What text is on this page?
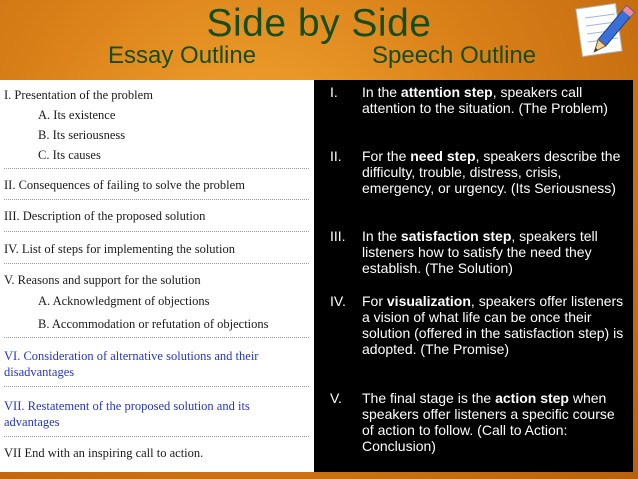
Side by Side
Essay Outline	Speech Outline
I. Presentation of the problem
A. Its existence
B. Its seriousness
C. Its causes
II. Consequences of failing to solve the problem
III. Description of the proposed solution
IV. List of steps for implementing the solution
V. Reasons and support for the solution
A. Acknowledgment of objections
B. Accommodation or refutation of objections
VI. Consideration of alternative solutions and their disadvantages
VII. Restatement of the proposed solution and its advantages
VII End with an inspiring call to action.
I. In the attention step, speakers call attention to the situation. (The Problem)
II. For the need step, speakers describe the difficulty, trouble, distress, crisis, emergency, or urgency. (Its Seriousness)
III. In the satisfaction step, speakers tell listeners how to satisfy the need they establish. (The Solution)
IV. For visualization, speakers offer listeners a vision of what life can be once their solution (offered in the satisfaction step) is adopted. (The Promise)
V. The final stage is the action step when speakers offer listeners a specific course of action to follow. (Call to Action: Conclusion)
